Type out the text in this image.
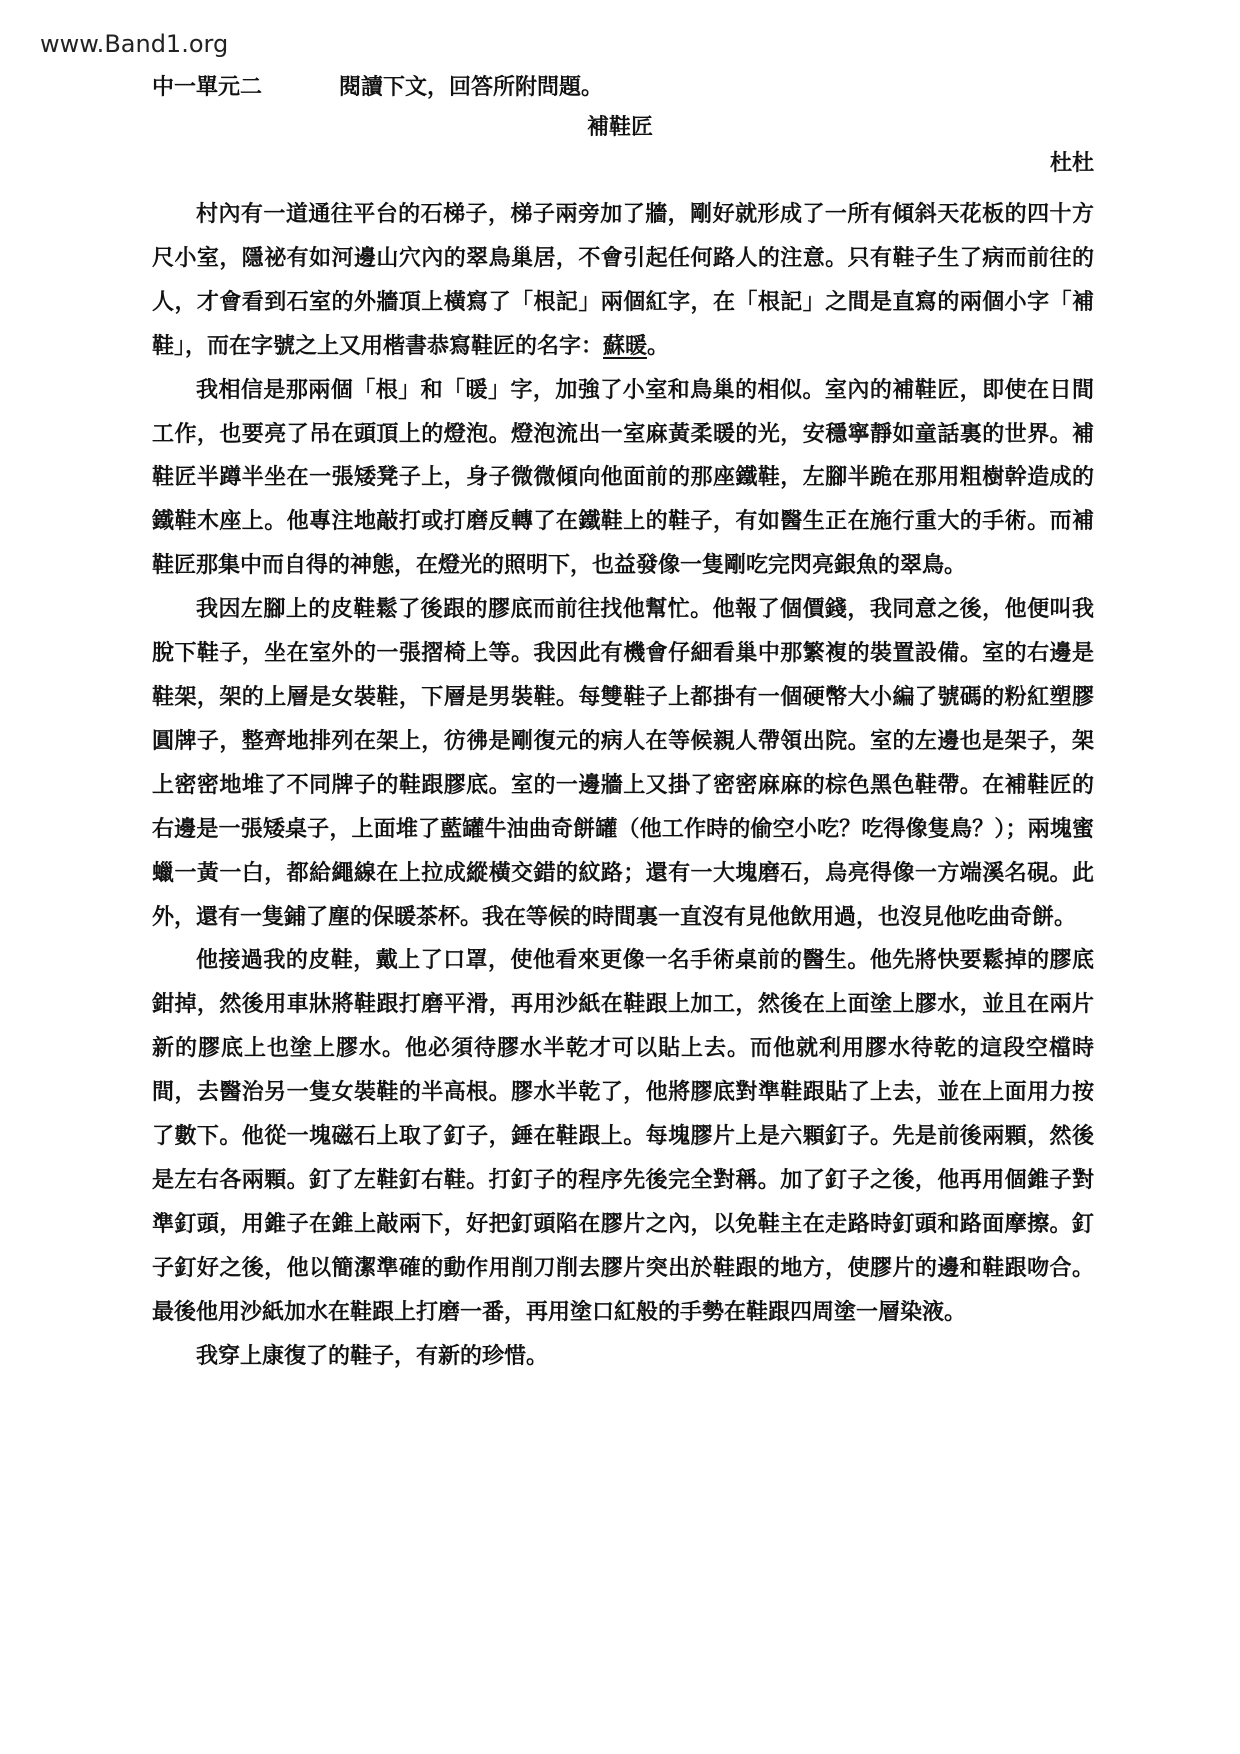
www.Band1.org
中一單元二	閱讀下文，回答所附問題。
補鞋匠
杜杜

村內有一道通往平台的石梯子，梯子兩旁加了牆，剛好就形成了一所有傾斜天花板的四十方尺小室，隱祕有如河邊山穴內的翠鳥巢居，不會引起任何路人的注意。只有鞋子生了病而前往的人，才會看到石室的外牆頂上橫寫了「根記」兩個紅字，在「根記」之間是直寫的兩個小字「補鞋」，而在字號之上又用楷書恭寫鞋匠的名字：蘇暖。

我相信是那兩個「根」和「暖」字，加強了小室和鳥巢的相似。室內的補鞋匠，即使在日間工作，也要亮了吊在頭頂上的燈泡。燈泡流出一室麻黃柔暖的光，安穩寧靜如童話裏的世界。補鞋匠半蹲半坐在一張矮凳子上，身子微微傾向他面前的那座鐵鞋，左腳半跪在那用粗樹幹造成的鐵鞋木座上。他專注地敲打或打磨反轉了在鐵鞋上的鞋子，有如醫生正在施行重大的手術。而補鞋匠那集中而自得的神態，在燈光的照明下，也益發像一隻剛吃完閃亮銀魚的翠鳥。

我因左腳上的皮鞋鬆了後跟的膠底而前往找他幫忙。他報了個價錢，我同意之後，他便叫我脫下鞋子，坐在室外的一張摺椅上等。我因此有機會仔細看巢中那繁複的裝置設備。室的右邊是鞋架，架的上層是女裝鞋，下層是男裝鞋。每雙鞋子上都掛有一個硬幣大小編了號碼的粉紅塑膠圓牌子，整齊地排列在架上，彷彿是剛復元的病人在等候親人帶領出院。室的左邊也是架子，架上密密地堆了不同牌子的鞋跟膠底。室的一邊牆上又掛了密密麻麻的棕色黑色鞋帶。在補鞋匠的右邊是一張矮桌子，上面堆了藍罐牛油曲奇餅罐（他工作時的偷空小吃？吃得像隻鳥？）；兩塊蜜蠟一黃一白，都給繩線在上拉成縱橫交錯的紋路；還有一大塊磨石，烏亮得像一方端溪名硯。此外，還有一隻鋪了塵的保暖茶杯。我在等候的時間裏一直沒有見他飲用過，也沒見他吃曲奇餅。

他接過我的皮鞋，戴上了口罩，使他看來更像一名手術桌前的醫生。他先將快要鬆掉的膠底鉗掉，然後用車牀將鞋跟打磨平滑，再用沙紙在鞋跟上加工，然後在上面塗上膠水，並且在兩片新的膠底上也塗上膠水。他必須待膠水半乾才可以貼上去。而他就利用膠水待乾的這段空檔時間，去醫治另一隻女裝鞋的半高根。膠水半乾了，他將膠底對準鞋跟貼了上去，並在上面用力按了數下。他從一塊磁石上取了釘子，錘在鞋跟上。每塊膠片上是六顆釘子。先是前後兩顆，然後是左右各兩顆。釘了左鞋釘右鞋。打釘子的程序先後完全對稱。加了釘子之後，他再用個錐子對準釘頭，用錐子在錐上敲兩下，好把釘頭陷在膠片之內，以免鞋主在走路時釘頭和路面摩擦。釘子釘好之後，他以簡潔準確的動作用削刀削去膠片突出於鞋跟的地方，使膠片的邊和鞋跟吻合。最後他用沙紙加水在鞋跟上打磨一番，再用塗口紅般的手勢在鞋跟四周塗一層染液。

我穿上康復了的鞋子，有新的珍惜。
